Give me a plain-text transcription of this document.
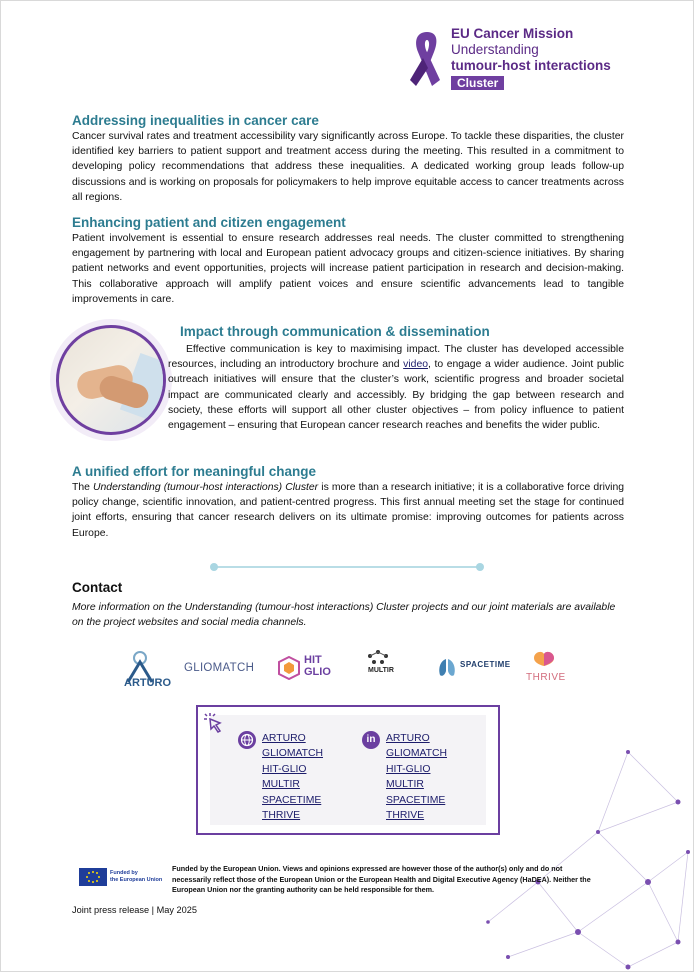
EU Cancer Mission
Understanding
tumour-host interactions
Cluster
Addressing inequalities in cancer care

Cancer survival rates and treatment accessibility vary significantly across Europe. To tackle these disparities, the cluster identified key barriers to patient support and treatment access during the meeting. This resulted in a commitment to developing policy recommendations that address these inequalities. A dedicated working group leads follow-up discussions and is working on proposals for policymakers to help improve equitable access to cancer treatments across all regions.

Enhancing patient and citizen engagement

Patient involvement is essential to ensure research addresses real needs. The cluster committed to strengthening engagement by partnering with local and European patient advocacy groups and citizen-science initiatives. By sharing patient networks and event opportunities, projects will increase patient participation in research and decision-making. This collaborative approach will amplify patient voices and ensure scientific advancements lead to tangible improvements in care.

Impact through communication & dissemination

Effective communication is key to maximising impact. The cluster has developed accessible resources, including an introductory brochure and video, to engage a wider audience. Joint public outreach initiatives will ensure that the cluster’s work, scientific progress and broader societal impact are communicated clearly and accessibly. By bridging the gap between research and society, these efforts will support all other cluster objectives – from policy influence to patient engagement – ensuring that European cancer research reaches and benefits the wider public.

A unified effort for meaningful change

The Understanding (tumour-host interactions) Cluster is more than a research initiative; it is a collaborative force driving policy change, scientific innovation, and patient-centred progress. This first annual meeting set the stage for continued joint efforts, ensuring that cancer research delivers on its ultimate promise: improving outcomes for patients across Europe.

Contact

More information on the Understanding (tumour-host interactions) Cluster projects and our joint materials are available on the project websites and social media channels.

ARTURO
GLIOMATCH
HIT
GLIO	MULTIR
SPACETIME
THRIVE
ARTURO
GLIOMATCH
HIT-GLIO
MULTIR
SPACETIME
THRIVE
in	ARTURO
GLIOMATCH
HIT-GLIO
MULTIR
SPACETIME
THRIVE
Funded by
the European Union

Funded by the European Union. Views and opinions expressed are however those of the author(s) only and do not necessarily reflect those of the European Union or the European Health and Digital Executive Agency (HaDEA). Neither the European Union nor the granting authority can be held responsible for them.

Joint press release | May 2025
